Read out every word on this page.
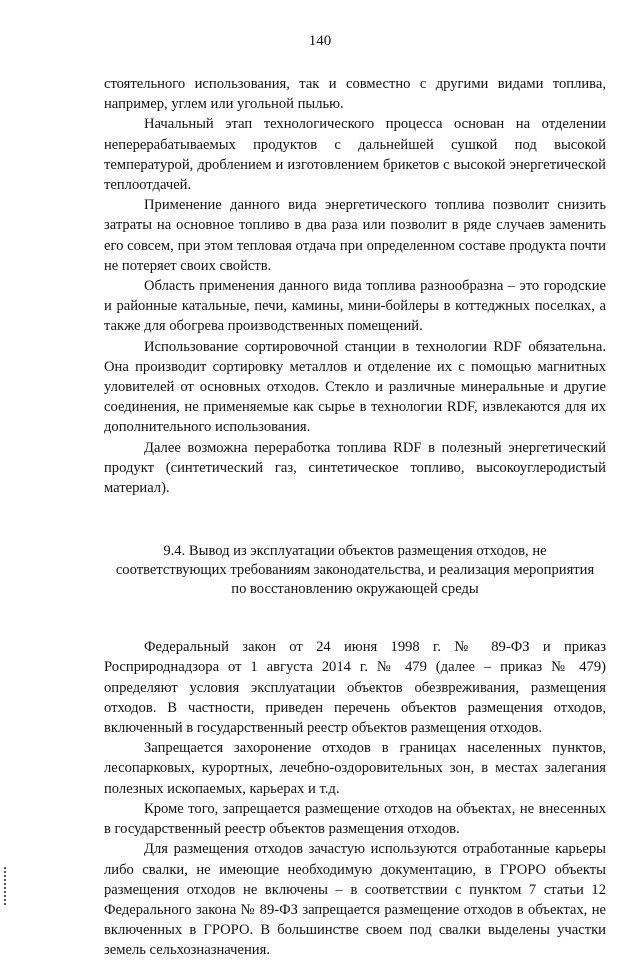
140

стоятельного использования, так и совместно с другими видами топлива, например, углем или угольной пылью.

Начальный этап технологического процесса основан на отделении неперерабатываемых продуктов с дальнейшей сушкой под высокой температурой, дроблением и изготовлением брикетов с высокой энергетической теплоотдачей.

Применение данного вида энергетического топлива позволит снизить затраты на основное топливо в два раза или позволит в ряде случаев заменить его совсем, при этом тепловая отдача при определенном составе продукта почти не потеряет своих свойств.

Область применения данного вида топлива разнообразна – это городские и районные катальные, печи, камины, мини-бойлеры в коттеджных поселках, а также для обогрева производственных помещений.

Использование сортировочной станции в технологии RDF обязательна. Она производит сортировку металлов и отделение их с помощью магнитных уловителей от основных отходов. Стекло и различные минеральные и другие соединения, не применяемые как сырье в технологии RDF, извлекаются для их дополнительного использования.

Далее возможна переработка топлива RDF в полезный энергетический продукт (синтетический газ, синтетическое топливо, высокоуглеродистый материал).

9.4. Вывод из эксплуатации объектов размещения отходов, не соответствующих требованиям законодательства, и реализация мероприятия по восстановлению окружающей среды

Федеральный закон от 24 июня 1998 г. № 89-ФЗ и приказ Росприроднадзора от 1 августа 2014 г. № 479 (далее – приказ № 479) определяют условия эксплуатации объектов обезвреживания, размещения отходов. В частности, приведен перечень объектов размещения отходов, включенный в государственный реестр объектов размещения отходов.

Запрещается захоронение отходов в границах населенных пунктов, лесопарковых, курортных, лечебно-оздоровительных зон, в местах залегания полезных ископаемых, карьерах и т.д.

Кроме того, запрещается размещение отходов на объектах, не внесенных в государственный реестр объектов размещения отходов.

Для размещения отходов зачастую используются отработанные карьеры либо свалки, не имеющие необходимую документацию, в ГРОРО объекты размещения отходов не включены – в соответствии с пунктом 7 статьи 12 Федерального закона № 89-ФЗ запрещается размещение отходов в объектах, не включенных в ГРОРО. В большинстве своем под свалки выделены участки земель сельхозназначения.
